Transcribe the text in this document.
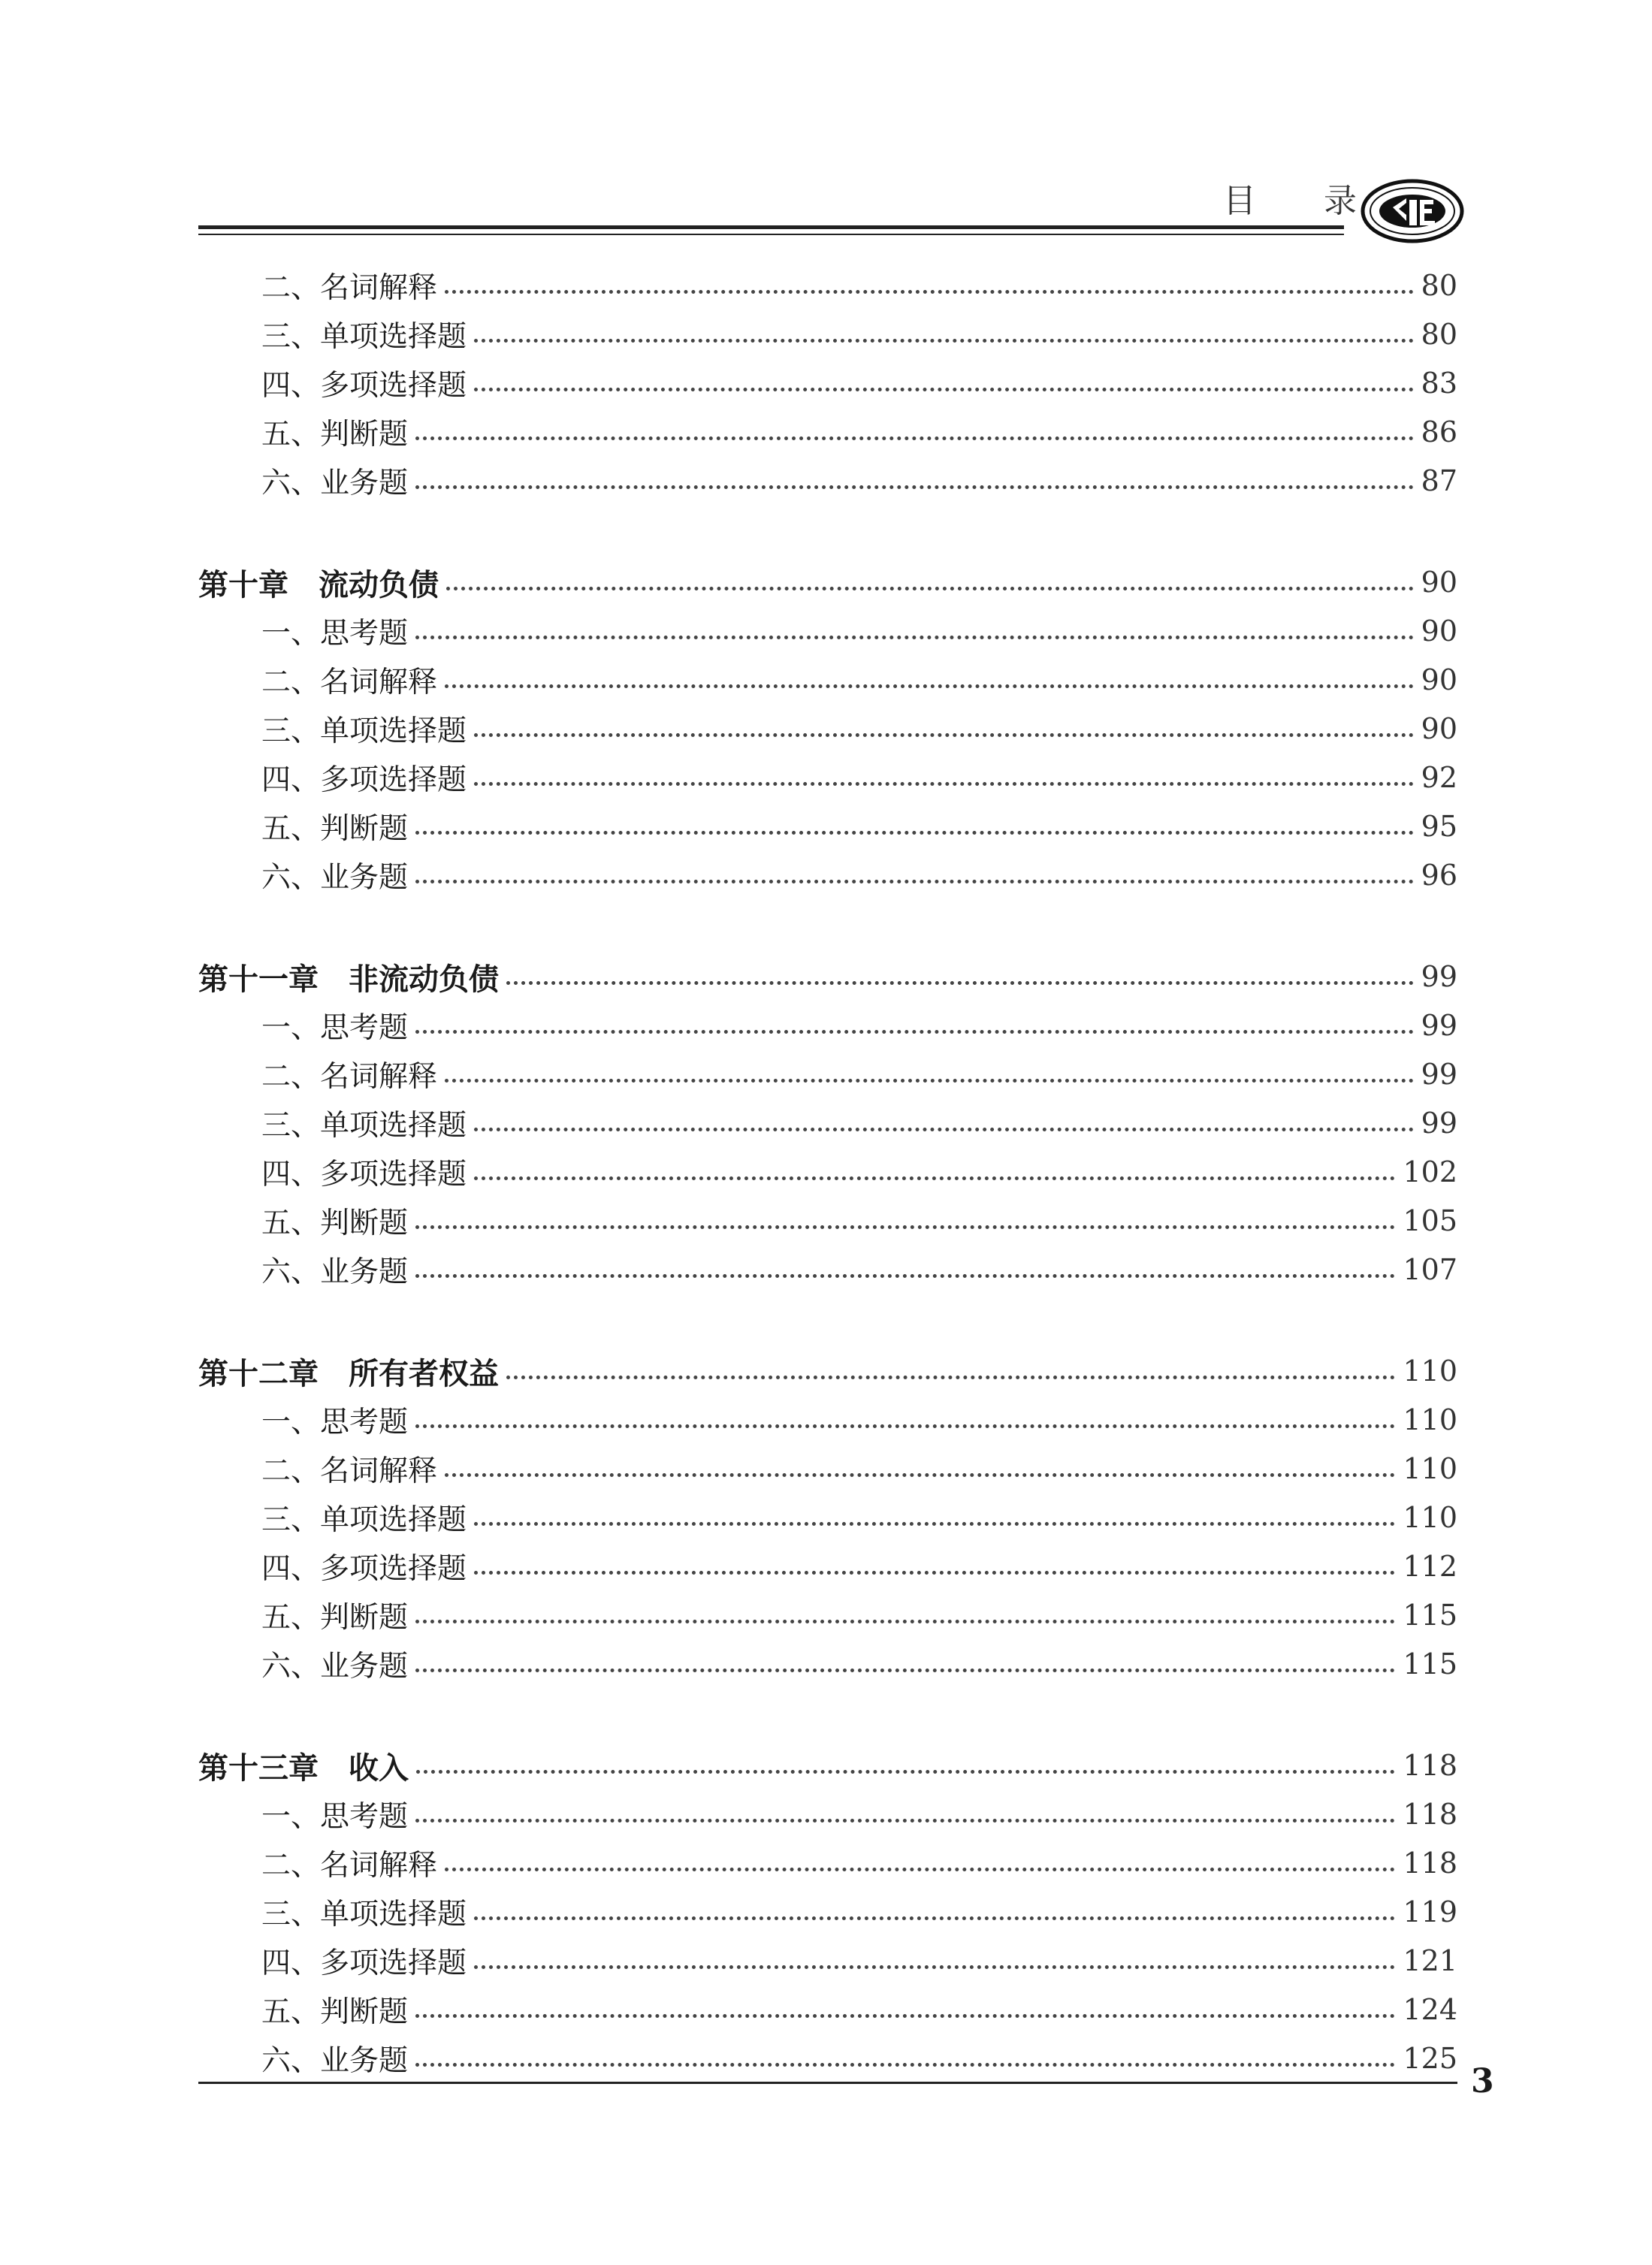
目 录
二、名词解释	80
三、单项选择题	80
四、多项选择题	83
五、判断题	86
六、业务题	87
第十章　流动负债	90
一、思考题	90
二、名词解释	90
三、单项选择题	90
四、多项选择题	92
五、判断题	95
六、业务题	96
第十一章　非流动负债	99
一、思考题	99
二、名词解释	99
三、单项选择题	99
四、多项选择题	102
五、判断题	105
六、业务题	107
第十二章　所有者权益	110
一、思考题	110
二、名词解释	110
三、单项选择题	110
四、多项选择题	112
五、判断题	115
六、业务题	115
第十三章　收入	118
一、思考题	118
二、名词解释	118
三、单项选择题	119
四、多项选择题	121
五、判断题	124
六、业务题	125
3
